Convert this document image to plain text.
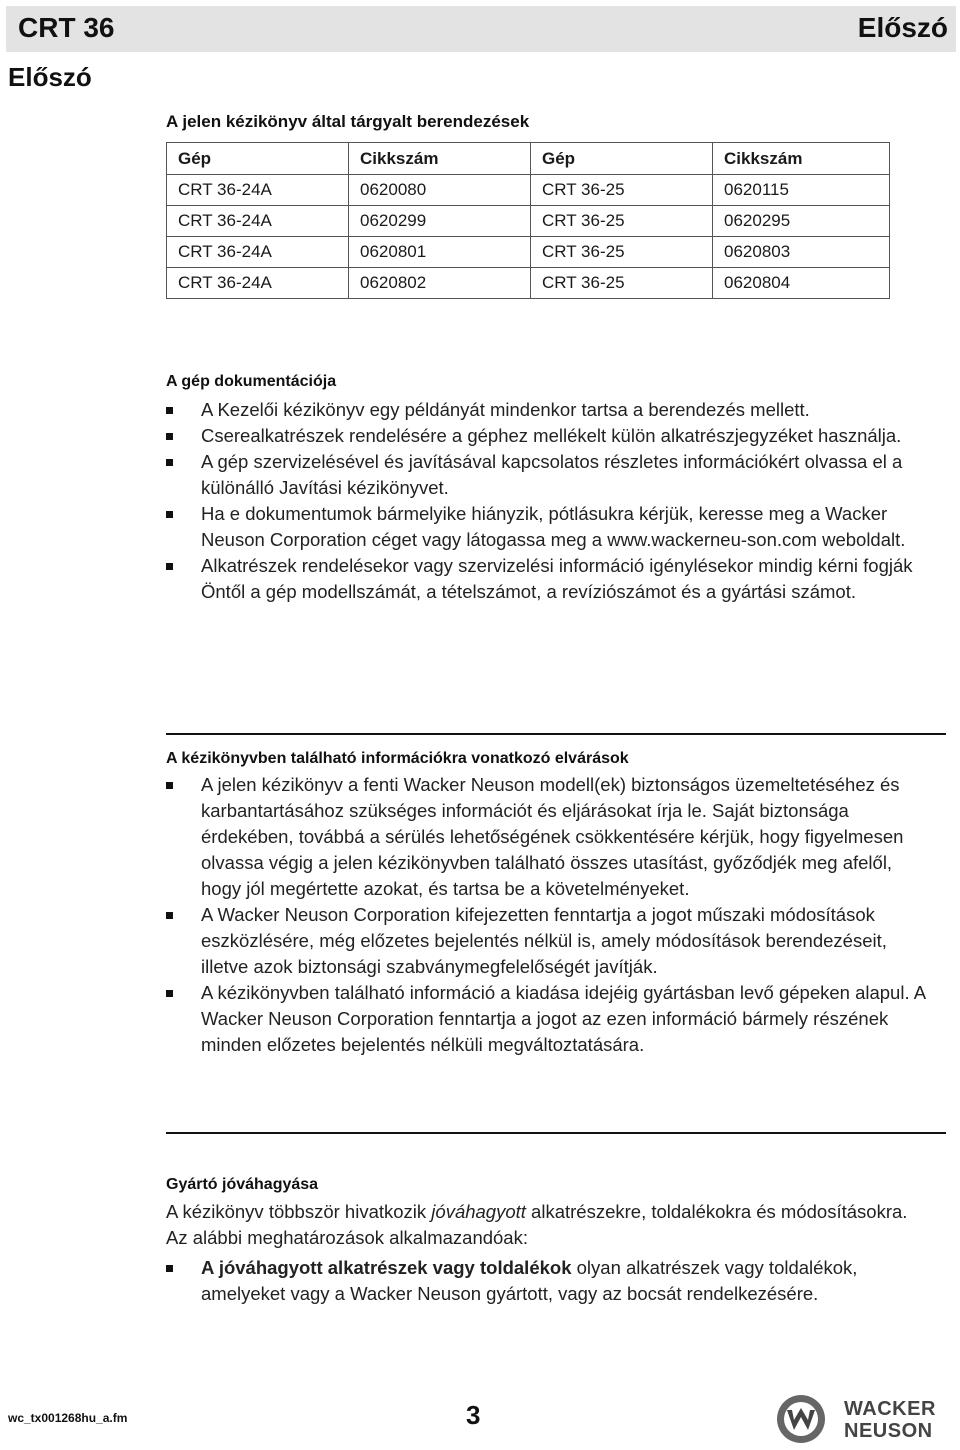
CRT 36	Előszó
Előszó
A jelen kézikönyv által tárgyalt berendezések
Gép	Cikkszám	Gép	Cikkszám
CRT 36-24A	0620080	CRT 36-25	0620115
CRT 36-24A	0620299	CRT 36-25	0620295
CRT 36-24A	0620801	CRT 36-25	0620803
CRT 36-24A	0620802	CRT 36-25	0620804
A gép dokumentációja
A Kezelői kézikönyv egy példányát mindenkor tartsa a berendezés mellett.
Cserealkatrészek rendelésére a géphez mellékelt külön alkatrészjegyzéket használja.
A gép szervizelésével és javításával kapcsolatos részletes információkért olvassa el a különálló Javítási kézikönyvet.
Ha e dokumentumok bármelyike hiányzik, pótlásukra kérjük, keresse meg a Wacker Neuson Corporation céget vagy látogassa meg a www.wackerneu-son.com weboldalt.
Alkatrészek rendelésekor vagy szervizelési információ igénylésekor mindig kérni fogják Öntől a gép modellszámát, a tételszámot, a revíziószámot és a gyártási számot.
A kézikönyvben található információkra vonatkozó elvárások
A jelen kézikönyv a fenti Wacker Neuson modell(ek) biztonságos üzemeltetéséhez és karbantartásához szükséges információt és eljárásokat írja le. Saját biztonsága érdekében, továbbá a sérülés lehetőségének csökkentésére kérjük, hogy figyelmesen olvassa végig a jelen kézikönyvben található összes utasítást, győződjék meg afelől, hogy jól megértette azokat, és tartsa be a követelményeket.
A Wacker Neuson Corporation kifejezetten fenntartja a jogot műszaki módosítások eszközlésére, még előzetes bejelentés nélkül is, amely módosítások berendezéseit, illetve azok biztonsági szabványmegfelelőségét javítják.
A kézikönyvben található információ a kiadása idejéig gyártásban levő gépeken alapul. A Wacker Neuson Corporation fenntartja a jogot az ezen információ bármely részének minden előzetes bejelentés nélküli megváltoztatására.
Gyártó jóváhagyása

A kézikönyv többször hivatkozik jóváhagyott alkatrészekre, toldalékokra és módosításokra. Az alábbi meghatározások alkalmazandóak:

A jóváhagyott alkatrészek vagy toldalékok olyan alkatrészek vagy toldalékok, amelyeket vagy a Wacker Neuson gyártott, vagy az bocsát rendelkezésére.
wc_tx001268hu_a.fm	3	WACKER
NEUSON
